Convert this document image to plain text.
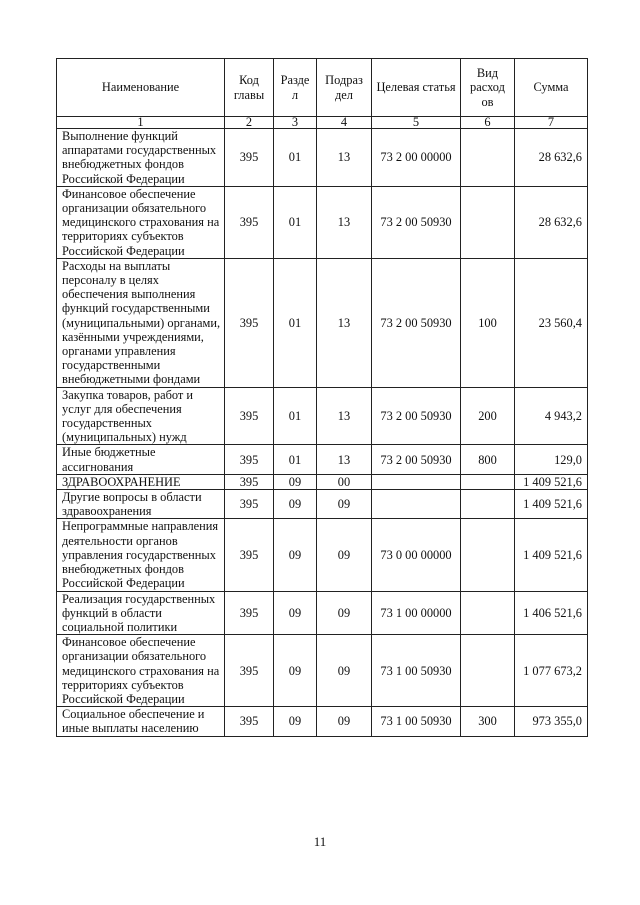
Наименование	Код главы	Разде л	Подраз дел	Целевая статья	Вид расход ов	Сумма
1	2	3	4	5	6	7
Выполнение функций аппаратами государственных внебюджетных фондов Российской Федерации	395	01	13	73 2 00 00000		28 632,6
Финансовое обеспечение организации обязательного медицинского страхования на территориях субъектов Российской Федерации	395	01	13	73 2 00 50930		28 632,6
Расходы на выплаты персоналу в целях обеспечения выполнения функций государственными (муниципальными) органами, казёнными учреждениями, органами управления государственными внебюджетными фондами	395	01	13	73 2 00 50930	100	23 560,4
Закупка товаров, работ и услуг для обеспечения государственных (муниципальных) нужд	395	01	13	73 2 00 50930	200	4 943,2
Иные бюджетные ассигнования	395	01	13	73 2 00 50930	800	129,0
ЗДРАВООХРАНЕНИЕ	395	09	00			1 409 521,6
Другие вопросы в области здравоохранения	395	09	09			1 409 521,6
Непрограммные направления деятельности органов управления государственных внебюджетных фондов Российской Федерации	395	09	09	73 0 00 00000		1 409 521,6
Реализация государственных функций в области социальной политики	395	09	09	73 1 00 00000		1 406 521,6
Финансовое обеспечение организации обязательного медицинского страхования на территориях субъектов Российской Федерации	395	09	09	73 1 00 50930		1 077 673,2
Социальное обеспечение и иные выплаты населению	395	09	09	73 1 00 50930	300	973 355,0
11
